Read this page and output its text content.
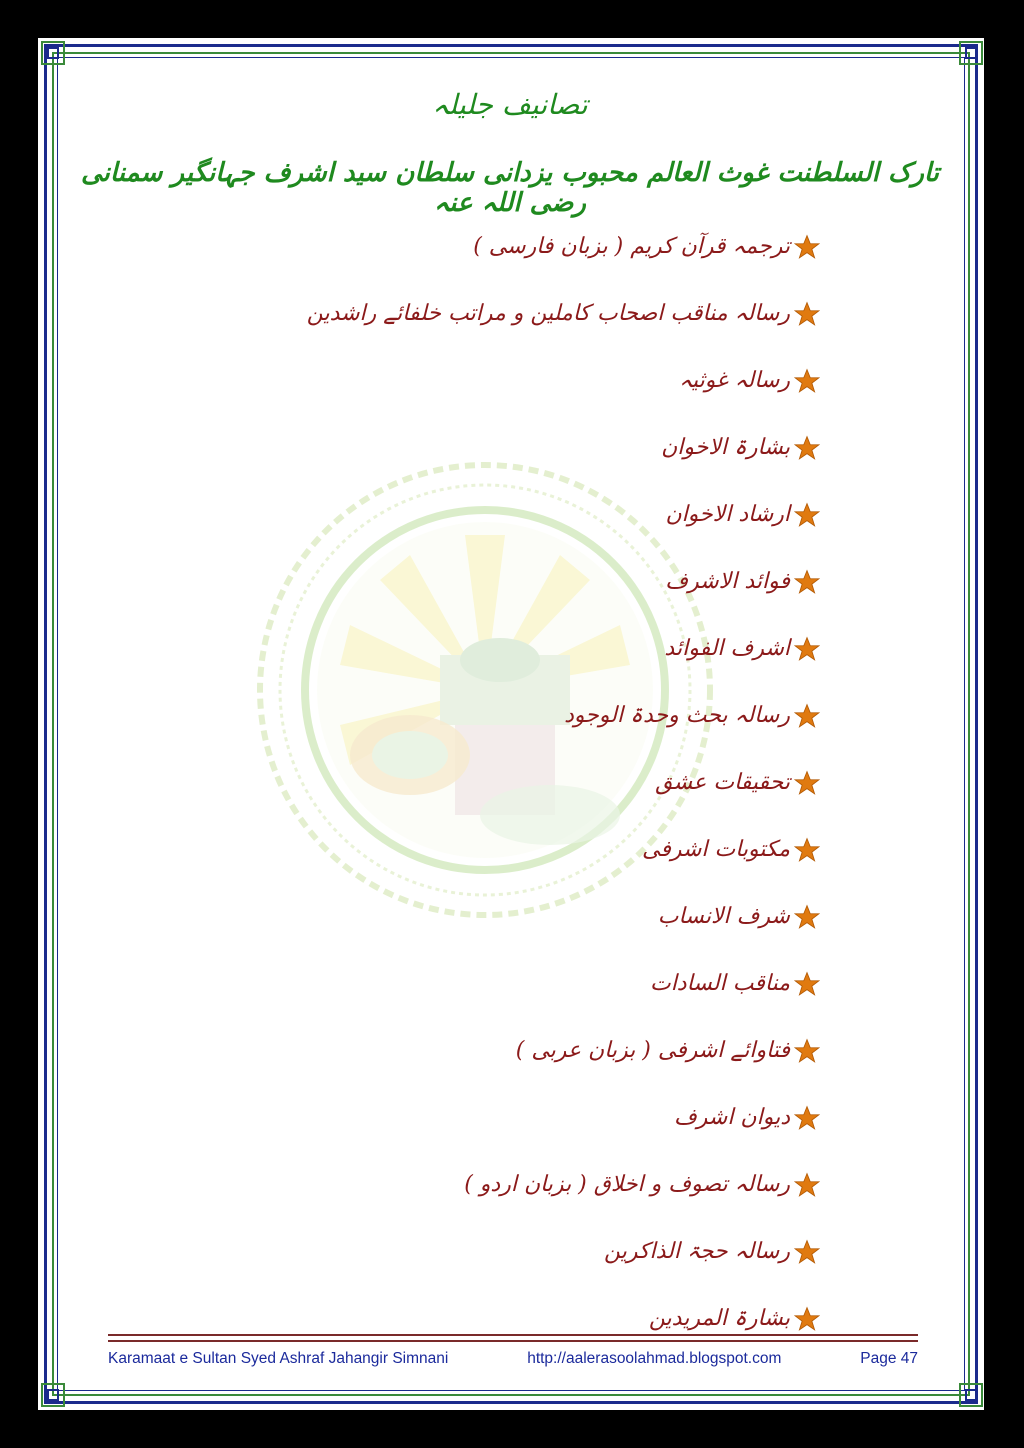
تصانیف جلیلہ
تارک السلطنت غوث العالم محبوب یزدانی سلطان سید اشرف جہانگیر سمنانی رضی اللہ عنہ
ترجمہ قرآن کریم ( بزبان فارسی )
رسالہ مناقب اصحاب کاملین و مراتب خلفائے راشدین
رسالہ غوثیہ
بشارۃ الاخوان
ارشاد الاخوان
فوائد الاشرف
اشرف الفوائد
رسالہ بحث وحدۃ الوجود
تحقیقات عشق
مکتوبات اشرفی
شرف الانساب
مناقب السادات
فتاوائے اشرفی ( بزبان عربی )
دیوان اشرف
رسالہ تصوف و اخلاق ( بزبان اردو )
رسالہ حجۃ الذاکرین
بشارۃ المریدین
Karamaat e Sultan Syed Ashraf Jahangir Simnani	http://aalerasoolahmad.blogspot.com	Page 47
